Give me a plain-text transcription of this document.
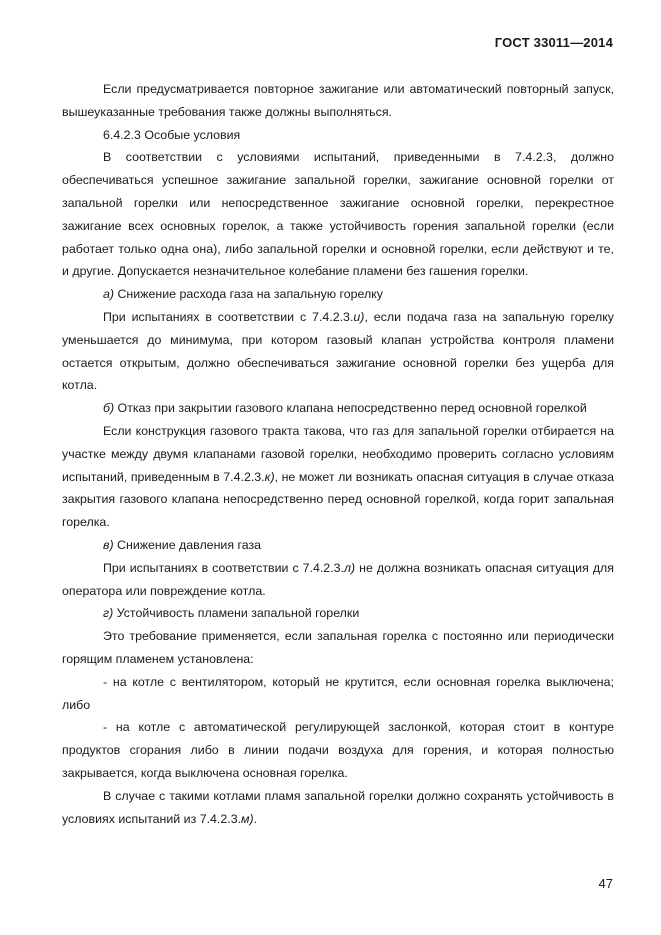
ГОСТ 33011—2014

Если предусматривается повторное зажигание или автоматический повторный запуск, вышеуказанные требования также должны выполняться.

6.4.2.3 Особые условия

В соответствии с условиями испытаний, приведенными в 7.4.2.3, должно обеспечиваться успешное зажигание запальной горелки, зажигание основной горелки от запальной горелки или непосредственное зажигание основной горелки, перекрестное зажигание всех основных горелок, а также устойчивость горения запальной горелки (если работает только одна она), либо запальной горелки и основной горелки, если действуют и те, и другие. Допускается незначительное колебание пламени без гашения горелки.

а) Снижение расхода газа на запальную горелку

При испытаниях в соответствии с 7.4.2.3.и), если подача газа на запальную горелку уменьшается до минимума, при котором газовый клапан устройства контроля пламени остается открытым, должно обеспечиваться зажигание основной горелки без ущерба для котла.

б) Отказ при закрытии газового клапана непосредственно перед основной горелкой

Если конструкция газового тракта такова, что газ для запальной горелки отбирается на участке между двумя клапанами газовой горелки, необходимо проверить согласно условиям испытаний, приведенным в 7.4.2.3.к), не может ли возникать опасная ситуация в случае отказа закрытия газового клапана непосредственно перед основной горелкой, когда горит запальная горелка.

в) Снижение давления газа

При испытаниях в соответствии с 7.4.2.3.л) не должна возникать опасная ситуация для оператора или повреждение котла.

г) Устойчивость пламени запальной горелки

Это требование применяется, если запальная горелка с постоянно или периодически горящим пламенем установлена:

- на котле с вентилятором, который не крутится, если основная горелка выключена; либо

- на котле с автоматической регулирующей заслонкой, которая стоит в контуре продуктов сгорания либо в линии подачи воздуха для горения, и которая полностью закрывается, когда выключена основная горелка.

В случае с такими котлами пламя запальной горелки должно сохранять устойчивость в условиях испытаний из 7.4.2.3.м).

47
